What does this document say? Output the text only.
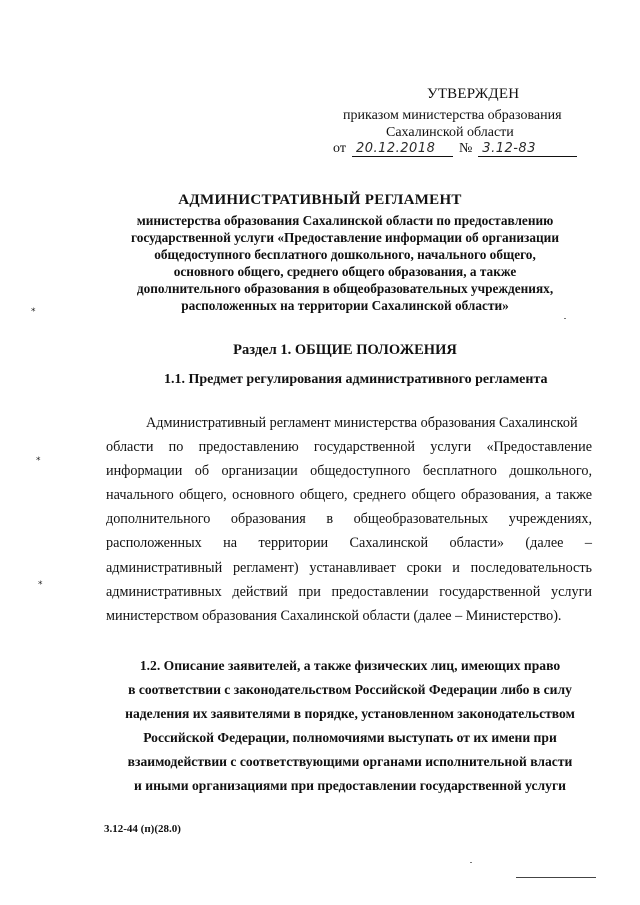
УТВЕРЖДЕН
приказом министерства образования
Сахалинской области
от 20.12.2018	№ 3.12-83
*
АДМИНИСТРАТИВНЫЙ РЕГЛАМЕНТ
министерства образования Сахалинской области по предоставлению
государственной услуги «Предоставление информации об организации
общедоступного бесплатного дошкольного, начального общего,
основного общего, среднего общего образования, а также
дополнительного образования в общеобразовательных учреждениях,
расположенных на территории Сахалинской области»
Раздел 1. ОБЩИЕ ПОЛОЖЕНИЯ
1.1. Предмет регулирования административного регламента
*
Административный регламент министерства образования Сахалинской
области по предоставлению государственной услуги «Предоставление
информации об организации общедоступного бесплатного дошкольного,
начального общего, основного общего, среднего общего образования, а также
дополнительного образования в общеобразовательных учреждениях,
расположенных на территории Сахалинской области» (далее –
административный регламент) устанавливает сроки и последовательность
административных действий при предоставлении государственной услуги
министерством образования Сахалинской области (далее – Министерство).
*
1.2. Описание заявителей, а также физических лиц, имеющих право
в соответствии с законодательством Российской Федерации либо в силу
наделения их заявителями в порядке, установленном законодательством
Российской Федерации, полномочиями выступать от их имени при
взаимодействии с соответствующими органами исполнительной власти
и иными организациями при предоставлении государственной услуги
3.12-44 (п)(28.0)
